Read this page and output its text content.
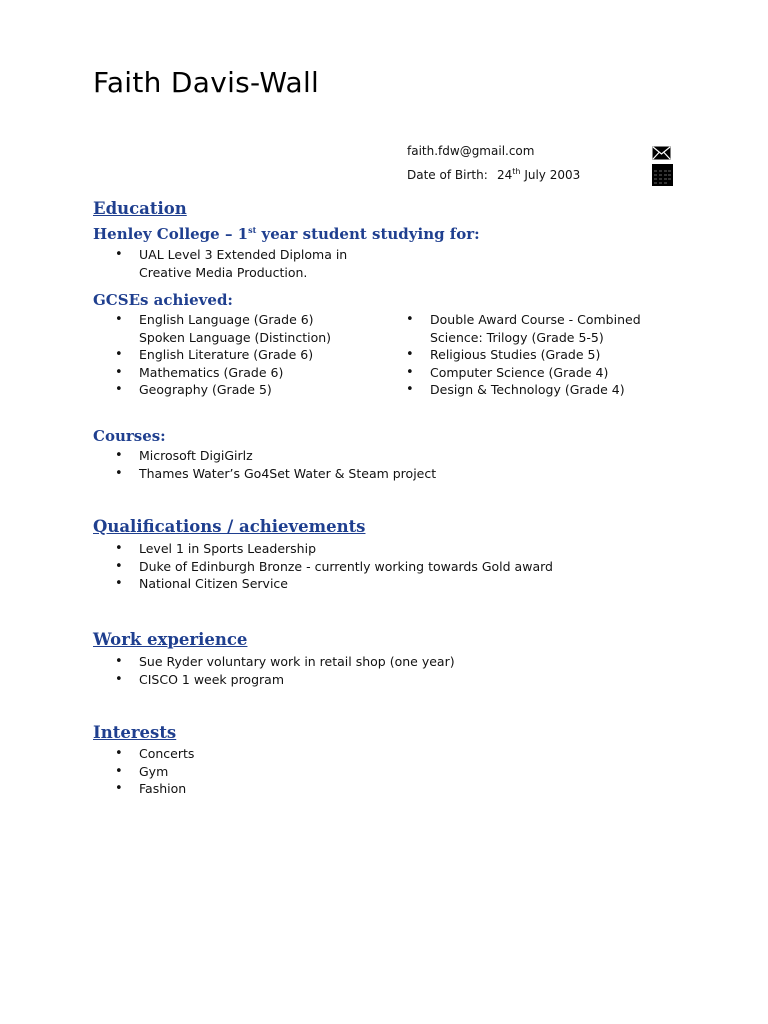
Faith Davis-Wall
faith.fdw@gmail.com
Date of Birth: 24th July 2003
Education
Henley College – 1st year student studying for:
• UAL Level 3 Extended Diploma in
Creative Media Production.
GCSEs achieved:
• English Language (Grade 6)
Spoken Language (Distinction)
• English Literature (Grade 6)
• Mathematics (Grade 6)
• Geography (Grade 5)
• Double Award Course - Combined
Science: Trilogy (Grade 5-5)
• Religious Studies (Grade 5)
• Computer Science (Grade 4)
• Design & Technology (Grade 4)
Courses:
• Microsoft DigiGirlz
• Thames Water’s Go4Set Water & Steam project
Qualifications / achievements
• Level 1 in Sports Leadership
• Duke of Edinburgh Bronze - currently working towards Gold award
• National Citizen Service
Work experience
• Sue Ryder voluntary work in retail shop (one year)
• CISCO 1 week program
Interests
• Concerts
• Gym
• Fashion
